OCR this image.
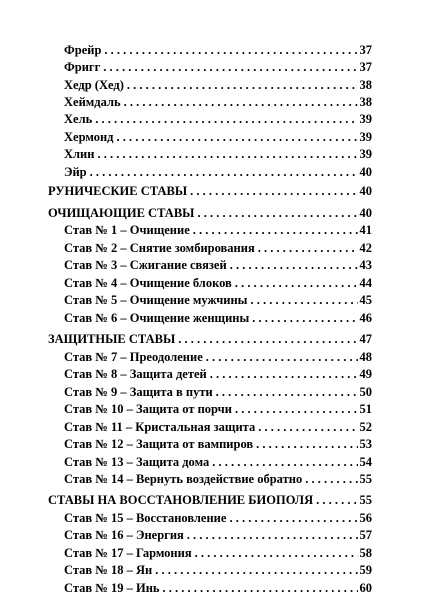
Фрейр . . .	37
Фригг . . .	37
Хедр (Хед) . . .	38
Хеймдаль . . .	38
Хель . . .	39
Хермонд . . .	39
Хлин . . .	39
Эйр . . .	40
РУНИЧЕСКИЕ СТАВЫ . . .	40
ОЧИЩАЮЩИЕ СТАВЫ . . .	40
Став № 1 – Очищение . . .	41
Став № 2 – Снятие зомбирования . . .	42
Став № 3 – Сжигание связей . . .	43
Став № 4 – Очищение блоков . . .	44
Став № 5 – Очищение мужчины . . .	45
Став № 6 – Очищение женщины . . .	46
ЗАЩИТНЫЕ СТАВЫ . . .	47
Став № 7 – Преодоление . . .	48
Став № 8 – Защита детей . . .	49
Став № 9 – Защита в пути . . .	50
Став № 10 – Защита от порчи . . .	51
Став № 11 – Кристальная защита . . .	52
Став № 12 – Защита от вампиров . . .	53
Став № 13 – Защита дома . . .	54
Став № 14 – Вернуть воздействие обратно . . .	55
СТАВЫ НА ВОССТАНОВЛЕНИЕ БИОПОЛЯ . . .	55
Став № 15 – Восстановление . . .	56
Став № 16 – Энергия . . .	57
Став № 17 – Гармония . . .	58
Став № 18 – Ян . . .	59
Став № 19 – Инь . . .	60
